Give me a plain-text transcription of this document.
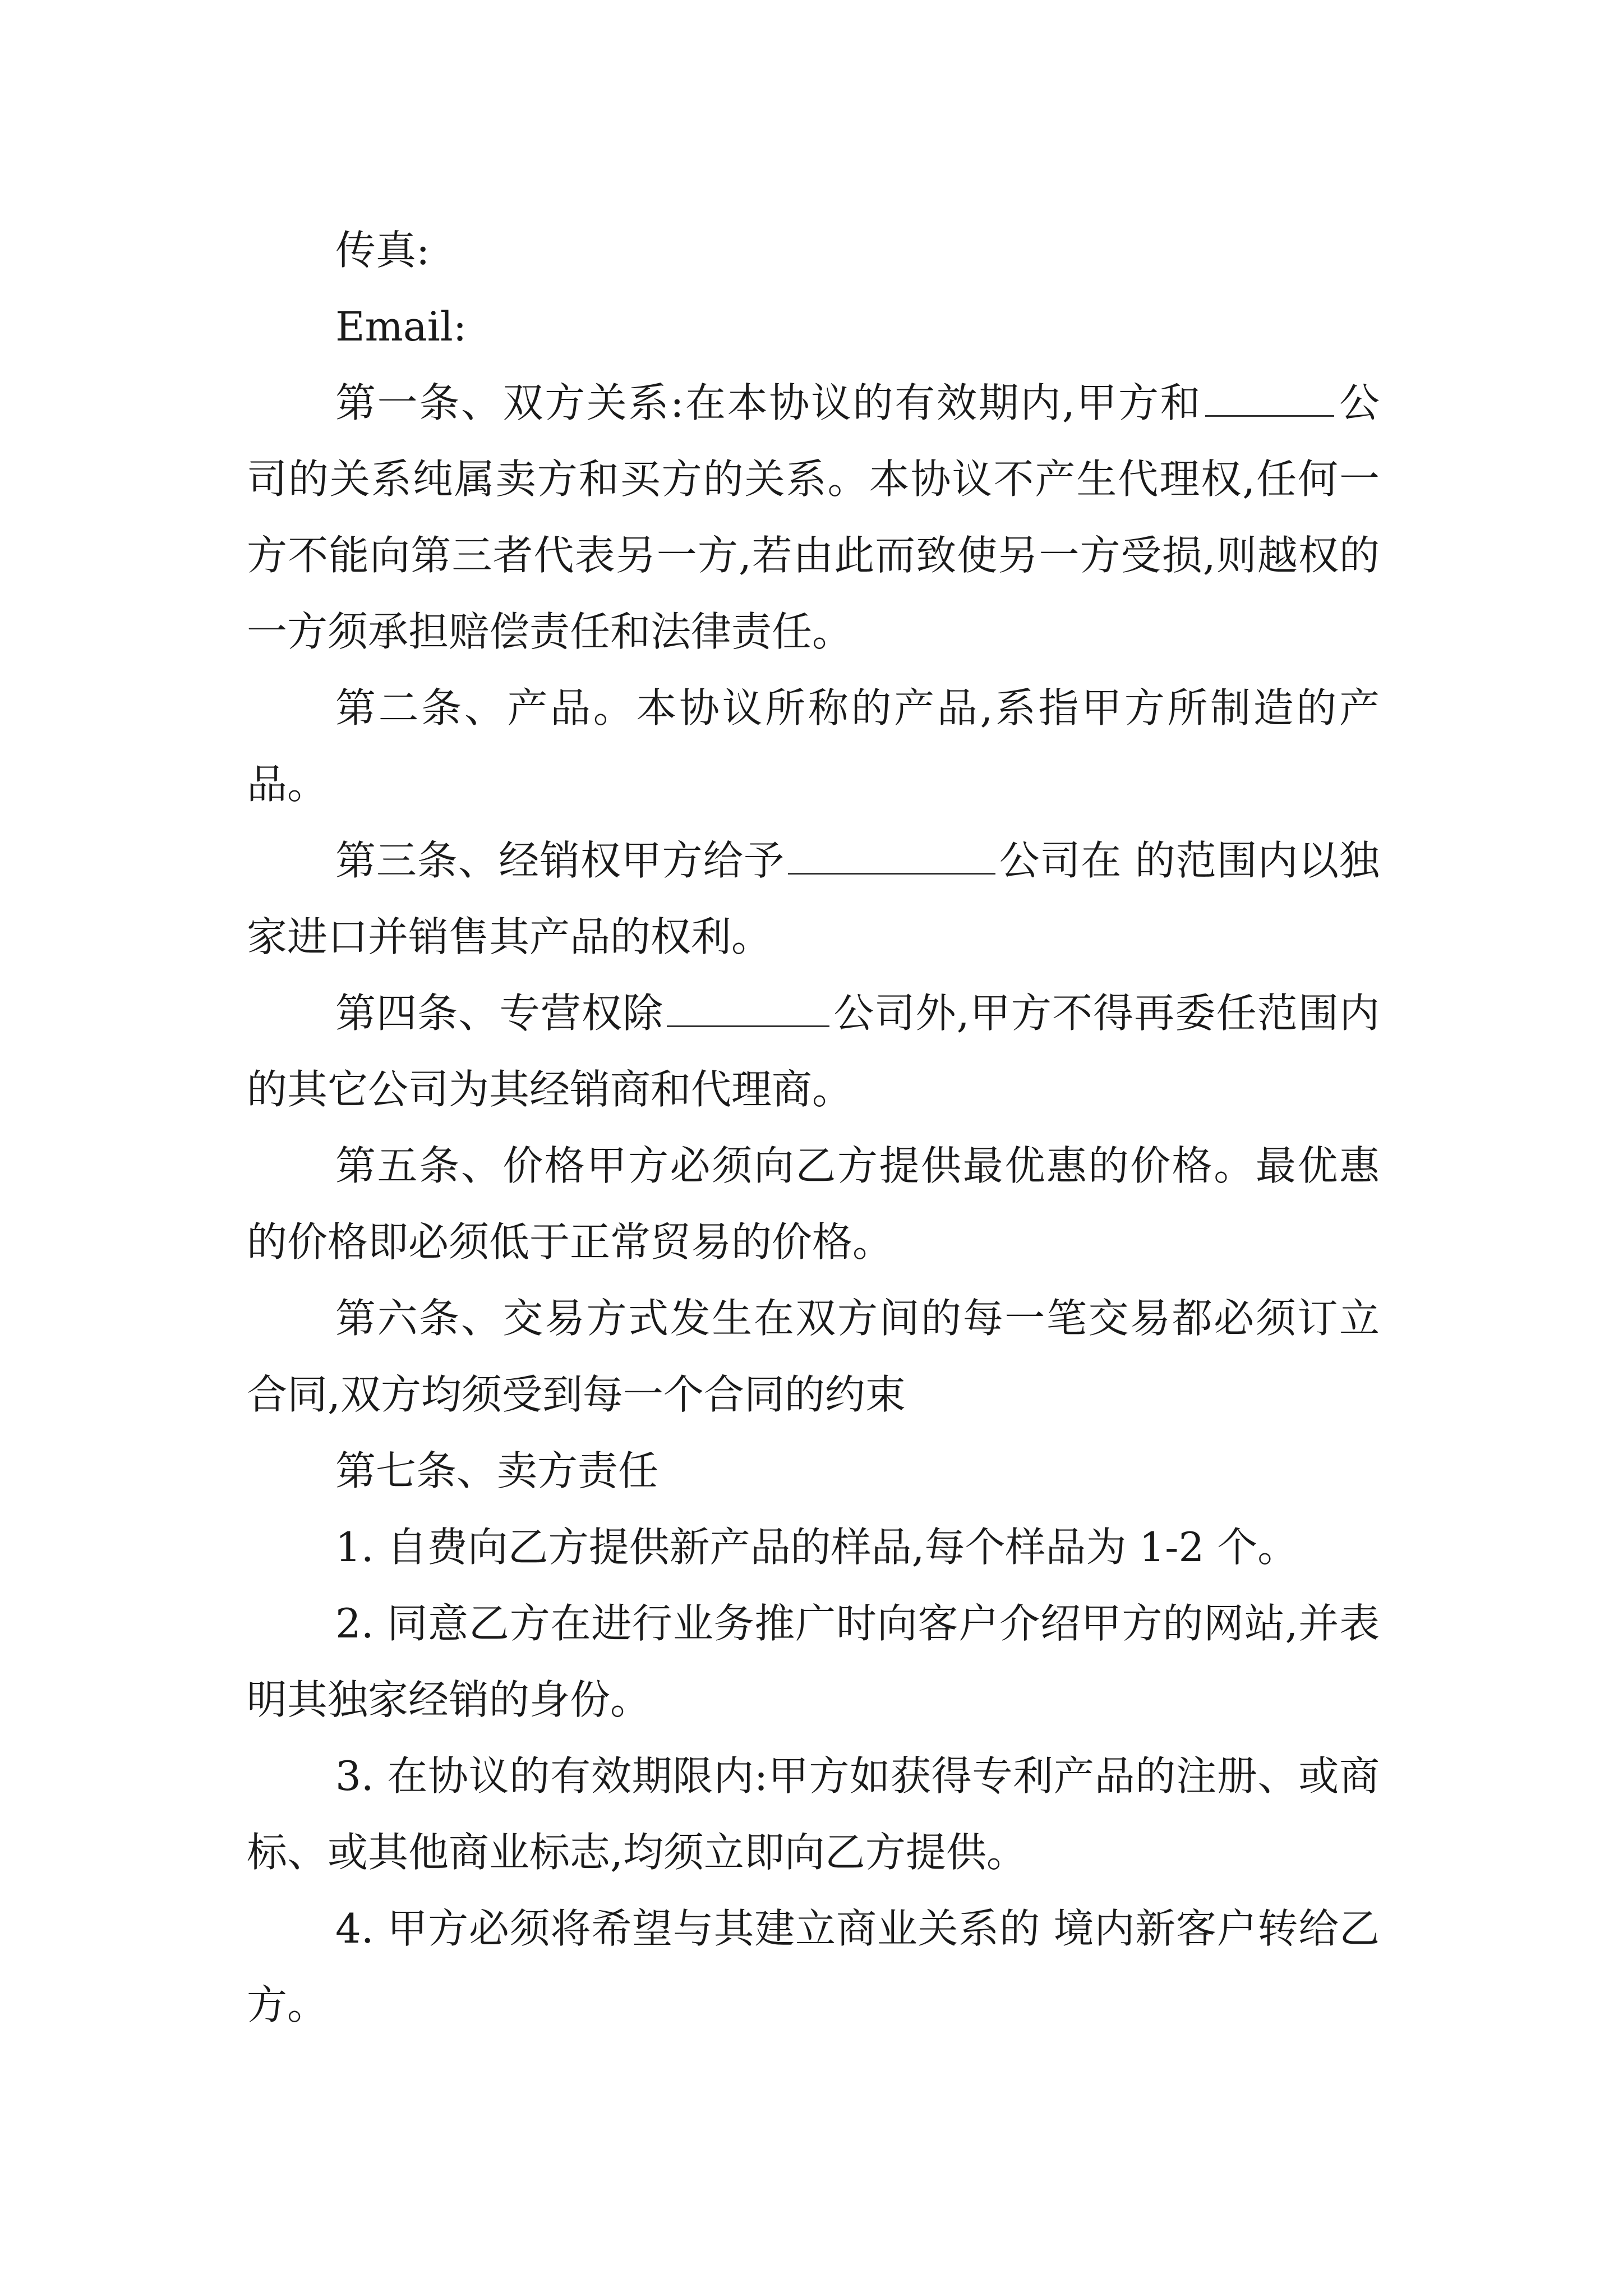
传真:

Email:

第一条、双方关系:在本协议的有效期内,甲方和	公司的关系纯属卖方和买方的关系。本协议不产生代理权,任何一方不能向第三者代表另一方,若由此而致使另一方受损,则越权的一方须承担赔偿责任和法律责任。

第二条、产品。本协议所称的产品,系指甲方所制造的产品。

第三条、经销权甲方给予	公司在 的范围内以独家进口并销售其产品的权利。

第四条、专营权除	公司外,甲方不得再委任范围内的其它公司为其经销商和代理商。

第五条、价格甲方必须向乙方提供最优惠的价格。最优惠的价格即必须低于正常贸易的价格。

第六条、交易方式发生在双方间的每一笔交易都必须订立合同,双方均须受到每一个合同的约束

第七条、卖方责任

1. 自费向乙方提供新产品的样品,每个样品为 1-2 个。

2. 同意乙方在进行业务推广时向客户介绍甲方的网站,并表明其独家经销的身份。

3. 在协议的有效期限内:甲方如获得专利产品的注册、或商标、或其他商业标志,均须立即向乙方提供。

4. 甲方必须将希望与其建立商业关系的 境内新客户转给乙方。
